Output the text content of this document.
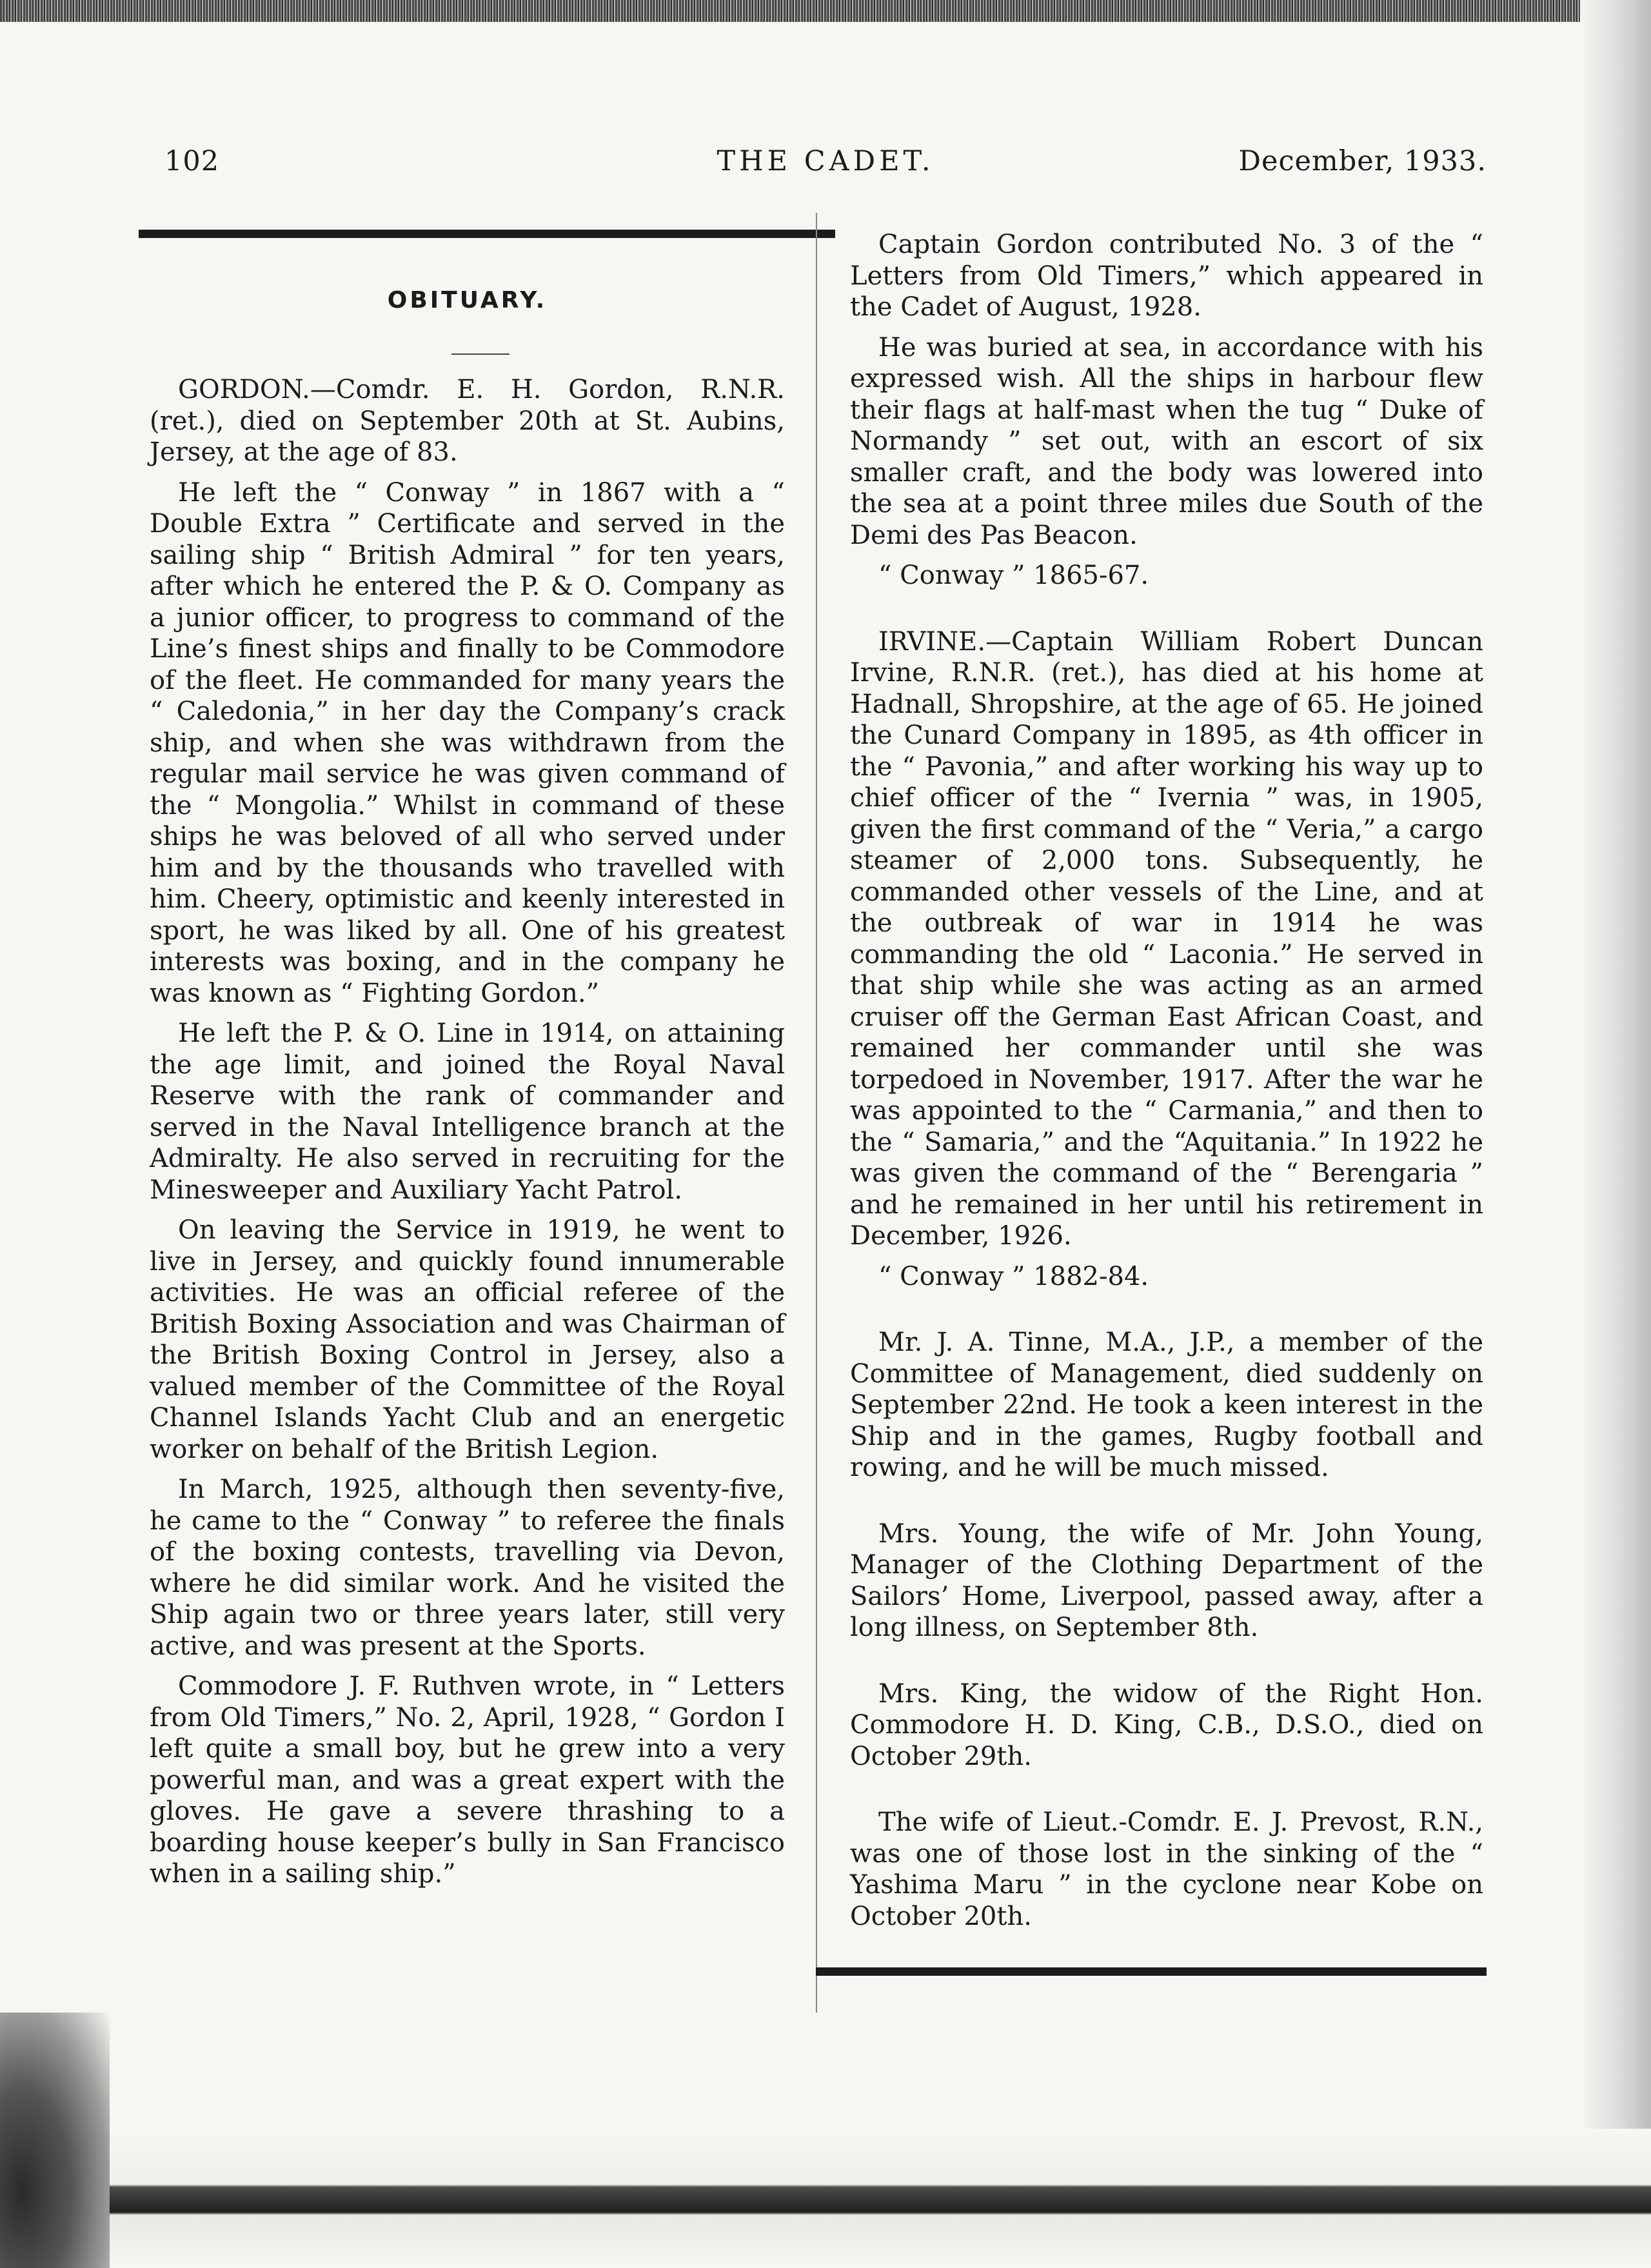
102	THE CADET.	December, 1933.
OBITUARY.

GORDON.—Comdr. E. H. Gordon, R.N.R. (ret.), died on September 20th at St. Aubins, Jersey, at the age of 83.

He left the “ Conway ” in 1867 with a “ Double Extra ” Certificate and served in the sailing ship “ British Admiral ” for ten years, after which he entered the P. & O. Company as a junior officer, to progress to command of the Line’s finest ships and finally to be Commodore of the fleet. He commanded for many years the “ Caledonia,” in her day the Company’s crack ship, and when she was withdrawn from the regular mail service he was given command of the “ Mongolia.” Whilst in command of these ships he was beloved of all who served under him and by the thousands who travelled with him. Cheery, optimistic and keenly interested in sport, he was liked by all. One of his greatest interests was boxing, and in the company he was known as “ Fighting Gordon.”

He left the P. & O. Line in 1914, on attaining the age limit, and joined the Royal Naval Reserve with the rank of commander and served in the Naval Intelligence branch at the Admiralty. He also served in recruiting for the Minesweeper and Auxiliary Yacht Patrol.

On leaving the Service in 1919, he went to live in Jersey, and quickly found innumerable activities. He was an official referee of the British Boxing Association and was Chairman of the British Boxing Control in Jersey, also a valued member of the Committee of the Royal Channel Islands Yacht Club and an energetic worker on behalf of the British Legion.

In March, 1925, although then seventy-five, he came to the “ Conway ” to referee the finals of the boxing contests, travelling via Devon, where he did similar work. And he visited the Ship again two or three years later, still very active, and was present at the Sports.

Commodore J. F. Ruthven wrote, in “ Letters from Old Timers,” No. 2, April, 1928, “ Gordon I left quite a small boy, but he grew into a very powerful man, and was a great expert with the gloves. He gave a severe thrashing to a boarding house keeper’s bully in San Francisco when in a sailing ship.”

Captain Gordon contributed No. 3 of the “ Letters from Old Timers,” which appeared in the Cadet of August, 1928.

He was buried at sea, in accordance with his expressed wish. All the ships in harbour flew their flags at half-mast when the tug “ Duke of Normandy ” set out, with an escort of six smaller craft, and the body was lowered into the sea at a point three miles due South of the Demi des Pas Beacon.

“ Conway ” 1865-67.

IRVINE.—Captain William Robert Duncan Irvine, R.N.R. (ret.), has died at his home at Hadnall, Shropshire, at the age of 65. He joined the Cunard Company in 1895, as 4th officer in the “ Pavonia,” and after working his way up to chief officer of the “ Ivernia ” was, in 1905, given the first command of the “ Veria,” a cargo steamer of 2,000 tons. Subsequently, he commanded other vessels of the Line, and at the outbreak of war in 1914 he was commanding the old “ Laconia.” He served in that ship while she was acting as an armed cruiser off the German East African Coast, and remained her commander until she was torpedoed in November, 1917. After the war he was appointed to the “ Carmania,” and then to the “ Samaria,” and the “Aquitania.” In 1922 he was given the command of the “ Berengaria ” and he remained in her until his retirement in December, 1926.

“ Conway ” 1882-84.

Mr. J. A. Tinne, M.A., J.P., a member of the Committee of Management, died suddenly on September 22nd. He took a keen interest in the Ship and in the games, Rugby football and rowing, and he will be much missed.

Mrs. Young, the wife of Mr. John Young, Manager of the Clothing Department of the Sailors’ Home, Liverpool, passed away, after a long illness, on September 8th.

Mrs. King, the widow of the Right Hon. Commodore H. D. King, C.B., D.S.O., died on October 29th.

The wife of Lieut.-Comdr. E. J. Prevost, R.N., was one of those lost in the sinking of the “ Yashima Maru ” in the cyclone near Kobe on October 20th.
